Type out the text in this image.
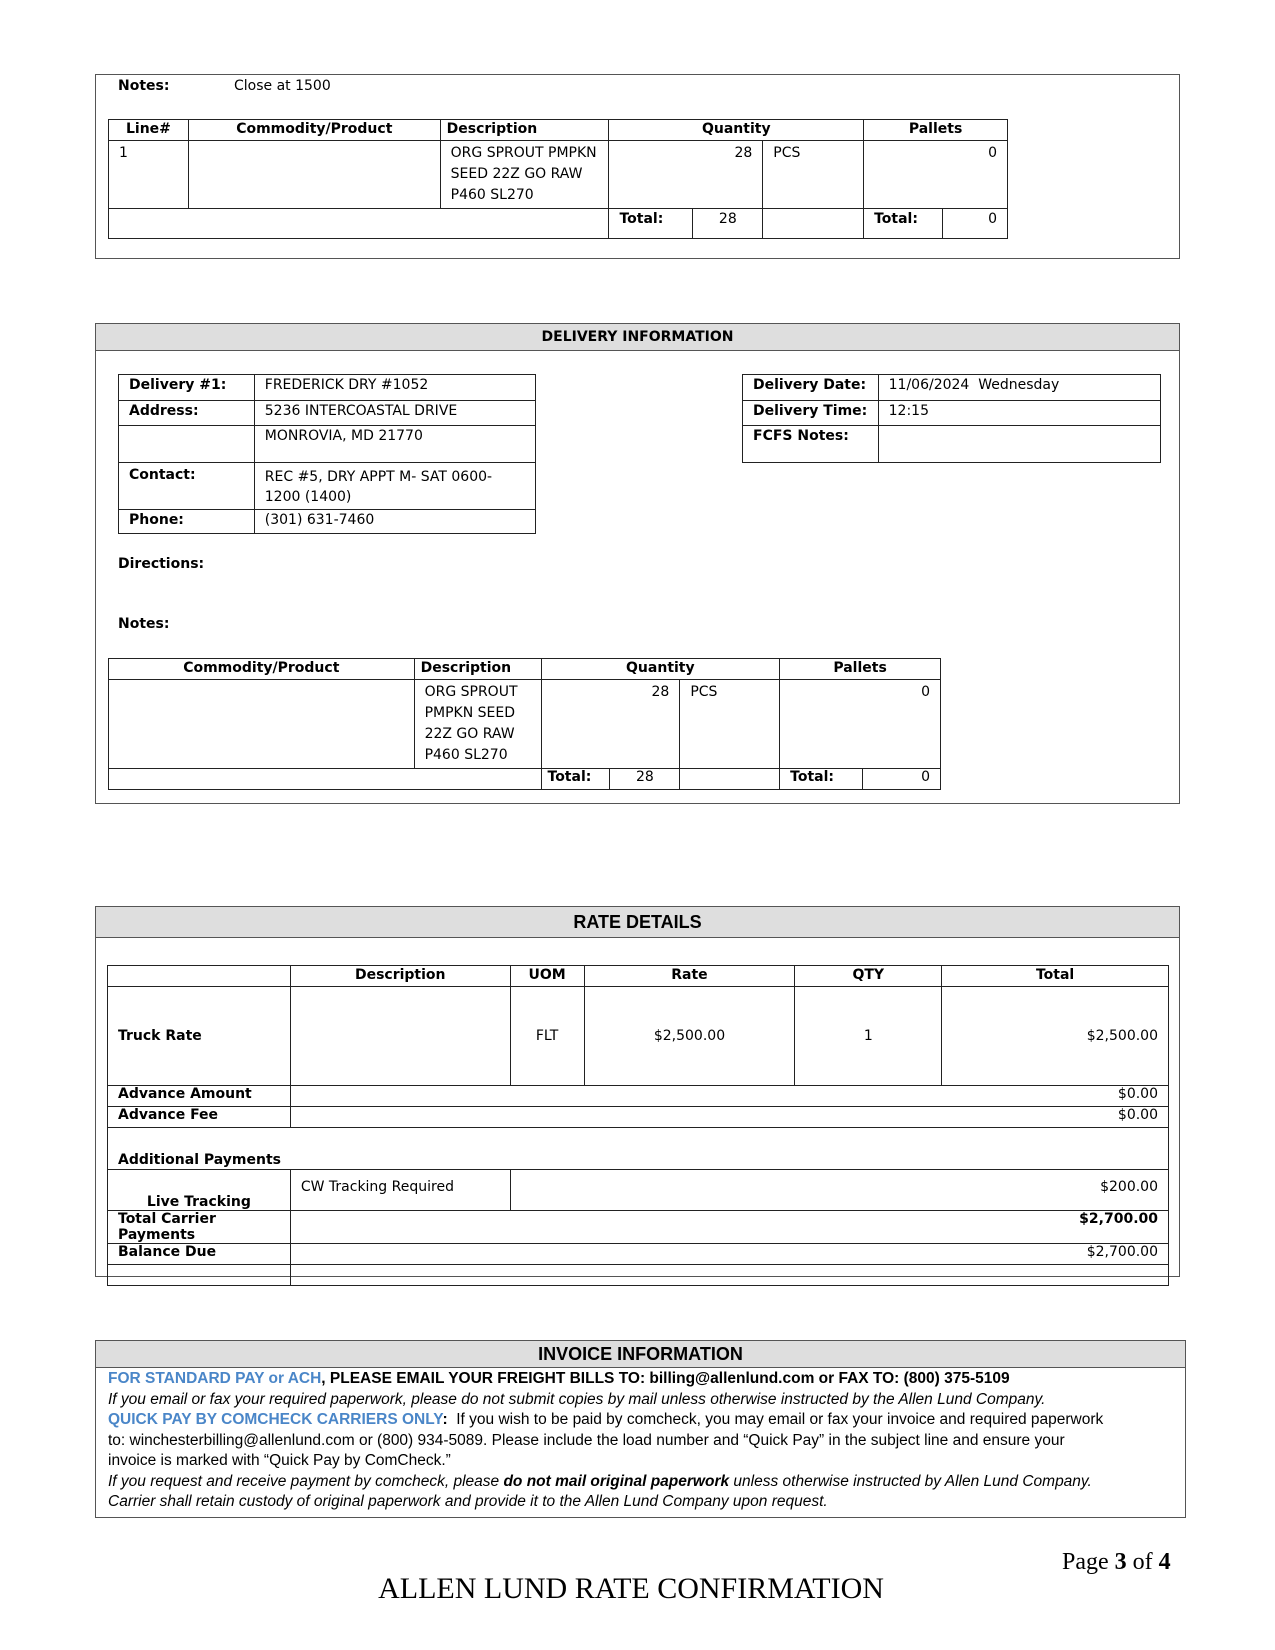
Notes:	Close at 1500
Line#	Commodity/Product	Description	Quantity			Pallets	
1		ORG SPROUT PMPKN
SEED 22Z GO RAW
P460 SL270	28		PCS	0	
			Total:	28		Total:	0
DELIVERY INFORMATION
Delivery #1:	FREDERICK DRY #1052
Address:	5236 INTERCOASTAL DRIVE
	MONROVIA, MD 21770
Contact:	REC #5, DRY APPT M- SAT 0600-1200 (1400)
Phone:	(301) 631-7460
Delivery Date:	11/06/2024  Wednesday
Delivery Time:	12:15
FCFS Notes:	
Directions:
Notes:
Commodity/Product	Description	Quantity			Pallets	

	ORG SPROUT
PMPKN SEED
22Z GO RAW
P460 SL270	28		PCS	0	
		Total:	28		Total:	0
RATE DETAILS
	Description	UOM	Rate	QTY	Total
Truck Rate		FLT	$2,500.00	1	$2,500.00
Advance Amount	$0.00				
Advance Fee	$0.00				
Additional Payments					
Live Tracking	CW Tracking Required	$200.00			
Total Carrier Payments	$2,700.00				
Balance Due	$2,700.00				

INVOICE INFORMATION
FOR STANDARD PAY or ACH, PLEASE EMAIL YOUR FREIGHT BILLS TO: billing@allenlund.com or FAX TO: (800) 375-5109
If you email or fax your required paperwork, please do not submit copies by mail unless otherwise instructed by the Allen Lund Company.
QUICK PAY BY COMCHECK CARRIERS ONLY:  If you wish to be paid by comcheck, you may email or fax your invoice and required paperwork
to: winchesterbilling@allenlund.com or (800) 934-5089. Please include the load number and “Quick Pay” in the subject line and ensure your
invoice is marked with “Quick Pay by ComCheck.”
If you request and receive payment by comcheck, please do not mail original paperwork unless otherwise instructed by Allen Lund Company.
Carrier shall retain custody of original paperwork and provide it to the Allen Lund Company upon request.

Page 3 of 4

ALLEN LUND RATE CONFIRMATION
